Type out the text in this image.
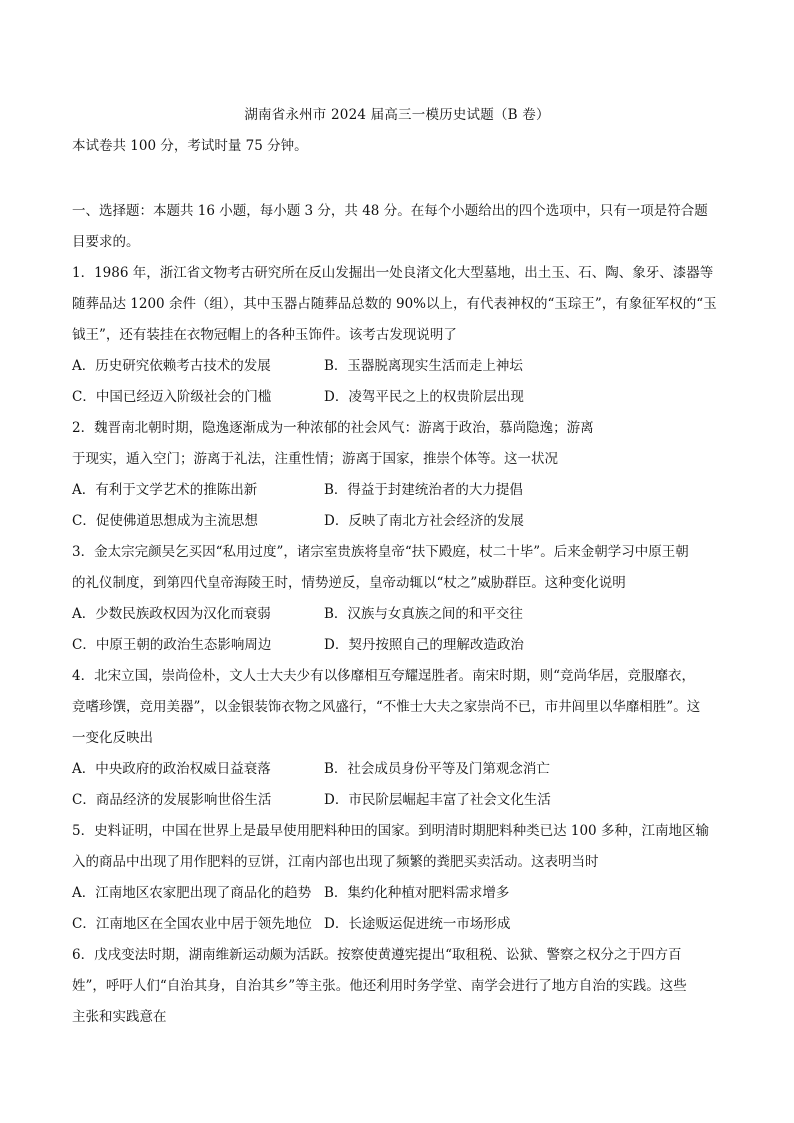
湖南省永州市 2024 届高三一模历史试题（B 卷）
本试卷共 100 分，考试时量 75 分钟。
一、选择题：本题共 16 小题，每小题 3 分，共 48 分。在每个小题给出的四个选项中，只有一项是符合题
目要求的。
1．1986 年，浙江省文物考古研究所在反山发掘出一处良渚文化大型墓地，出土玉、石、陶、象牙、漆器等
随葬品达 1200 余件（组），其中玉器占随葬品总数的 90%以上，有代表神权的“玉琮王”，有象征军权的“玉
钺王”，还有装挂在衣物冠帽上的各种玉饰件。该考古发现说明了
A．历史研究依赖考古技术的发展	B．玉器脱离现实生活而走上神坛
C．中国已经迈入阶级社会的门槛	D．凌驾平民之上的权贵阶层出现
2．魏晋南北朝时期，隐逸逐渐成为一种浓郁的社会风气：游离于政治，慕尚隐逸；游离
于现实，遁入空门；游离于礼法，注重性情；游离于国家，推崇个体等。这一状况
A．有利于文学艺术的推陈出新	B．得益于封建统治者的大力提倡
C．促使佛道思想成为主流思想	D．反映了南北方社会经济的发展
3．金太宗完颜吴乞买因“私用过度”，诸宗室贵族将皇帝“扶下殿庭，杖二十毕”。后来金朝学习中原王朝
的礼仪制度，到第四代皇帝海陵王时，情势逆反，皇帝动辄以“杖之”威胁群臣。这种变化说明
A．少数民族政权因为汉化而衰弱	B．汉族与女真族之间的和平交往
C．中原王朝的政治生态影响周边	D．契丹按照自己的理解改造政治
4．北宋立国，崇尚俭朴，文人士大夫少有以侈靡相互夸耀逞胜者。南宋时期，则“竞尚华居，竞服靡衣，
竞嗜珍馔，竞用美器”，以金银装饰衣物之风盛行，“不惟士大夫之家崇尚不已，市井闾里以华靡相胜”。这
一变化反映出
A．中央政府的政治权威日益衰落	B．社会成员身份平等及门第观念消亡
C．商品经济的发展影响世俗生活	D．市民阶层崛起丰富了社会文化生活
5．史料证明，中国在世界上是最早使用肥料种田的国家。到明清时期肥料种类已达 100 多种，江南地区输
入的商品中出现了用作肥料的豆饼，江南内部也出现了频繁的粪肥买卖活动。这表明当时
A．江南地区农家肥出现了商品化的趋势 B．集约化种植对肥料需求增多
C．江南地区在全国农业中居于领先地位 D．长途贩运促进统一市场形成
6．戊戌变法时期，湖南维新运动颇为活跃。按察使黄遵宪提出“取租税、讼狱、警察之权分之于四方百
姓”，呼吁人们“自治其身，自治其乡”等主张。他还利用时务学堂、南学会进行了地方自治的实践。这些
主张和实践意在
